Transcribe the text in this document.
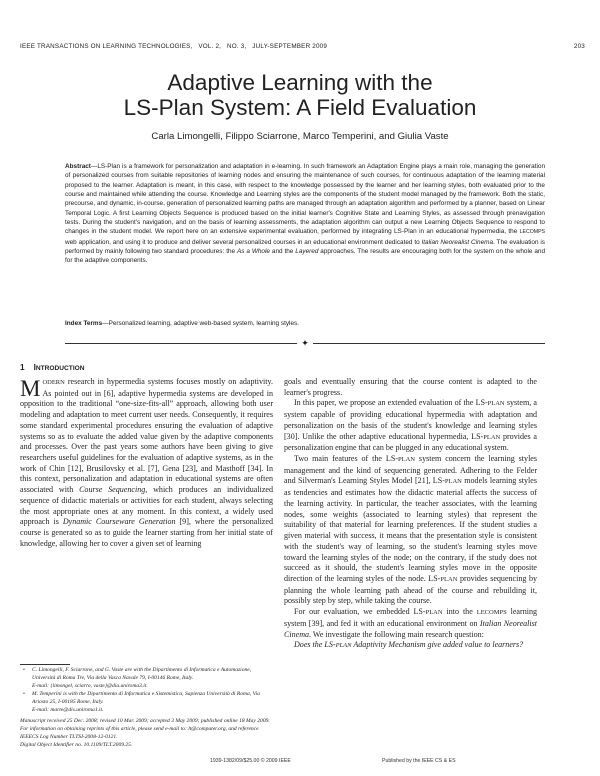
IEEE TRANSACTIONS ON LEARNING TECHNOLOGIES, VOL. 2, NO. 3, JULY-SEPTEMBER 2009	203
Adaptive Learning with the
LS-Plan System: A Field Evaluation
Carla Limongelli, Filippo Sciarrone, Marco Temperini, and Giulia Vaste
Abstract—LS-Plan is a framework for personalization and adaptation in e-learning. In such framework an Adaptation Engine plays a main role, managing the generation of personalized courses from suitable repositories of learning nodes and ensuring the maintenance of such courses, for continuous adaptation of the learning material proposed to the learner. Adaptation is meant, in this case, with respect to the knowledge possessed by the learner and her learning styles, both evaluated prior to the course and maintained while attending the course. Knowledge and Learning styles are the components of the student model managed by the framework. Both the static, precourse, and dynamic, in-course, generation of personalized learning paths are managed through an adaptation algorithm and performed by a planner, based on Linear Temporal Logic. A first Learning Objects Sequence is produced based on the initial learner's Cognitive State and Learning Styles, as assessed through prenavigation tests. During the student's navigation, and on the basis of learning assessments, the adaptation algorithm can output a new Learning Objects Sequence to respond to changes in the student model. We report here on an extensive experimental evaluation, performed by integrating LS-Plan in an educational hypermedia, the LECOMPS web application, and using it to produce and deliver several personalized courses in an educational environment dedicated to Italian Neorealist Cinema. The evaluation is performed by mainly following two standard procedures: the As a Whole and the Layered approaches. The results are encouraging both for the system on the whole and for the adaptive components.
Index Terms—Personalized learning, adaptive web-based system, learning styles.
✦
1 INTRODUCTION

MODERN research in hypermedia systems focuses mostly on adaptivity. As pointed out in [6], adaptive hypermedia systems are developed in opposition to the traditional “one-size-fits-all” approach, allowing both user modeling and adaptation to meet current user needs. Consequently, it requires some standard experimental procedures ensuring the evaluation of adaptive systems so as to evaluate the added value given by the adaptive components and processes. Over the past years some authors have been giving to give researchers useful guidelines for the evaluation of adaptive systems, as in the work of Chin [12], Brusilovsky et al. [7], Gena [23], and Masthoff [34]. In this context, personalization and adaptation in educational systems are often associated with Course Sequencing, which produces an individualized sequence of didactic materials or activities for each student, always selecting the most appropriate ones at any moment. In this context, a widely used approach is Dynamic Courseware Generation [9], where the personalized course is generated so as to guide the learner starting from her initial state of knowledge, allowing her to cover a given set of learning

• C. Limongelli, F. Sciarrone, and G. Vaste are with the Dipartimento di Informatica e Automazione, Università di Roma Tre, Via della Vasca Navale 79, I-00146 Rome, Italy.
E-mail: {limongel, sciarro, vaste}@dia.uniroma3.it.
• M. Temperini is with the Dipartimento di Informatica e Sistemistica, Sapienza Università di Roma, Via Ariosto 25, I-00185 Rome, Italy.
E-mail: marte@dis.uniroma1.it.
Manuscript received 25 Dec. 2008; revised 10 Mar. 2009; accepted 3 May 2009; published online 18 May 2009.
For information on obtaining reprints of this article, please send e-mail to: lt@computer.org, and reference IEEECS Log Number TLTSI-2008-12-0121.
Digital Object Identifier no. 10.1109/TLT.2009.25.

goals and eventually ensuring that the course content is adapted to the learner's progress.

In this paper, we propose an extended evaluation of the LS-PLAN system, a system capable of providing educational hypermedia with adaptation and personalization on the basis of the student's knowledge and learning styles [30]. Unlike the other adaptive educational hypermedia, LS-PLAN provides a personalization engine that can be plugged in any educational system.

Two main features of the LS-PLAN system concern the learning styles management and the kind of sequencing generated. Adhering to the Felder and Silverman's Learning Styles Model [21], LS-PLAN models learning styles as tendencies and estimates how the didactic material affects the success of the learning activity. In particular, the teacher associates, with the learning nodes, some weights (associated to learning styles) that represent the suitability of that material for learning preferences. If the student studies a given material with success, it means that the presentation style is consistent with the student's way of learning, so the student's learning styles move toward the learning styles of the node; on the contrary, if the study does not succeed as it should, the student's learning styles move in the opposite direction of the learning styles of the node. LS-PLAN provides sequencing by planning the whole learning path ahead of the course and rebuilding it, possibly step by step, while taking the course.

For our evaluation, we embedded LS-PLAN into the LECOMPS learning system [39], and fed it with an educational environment on Italian Neorealist Cinema. We investigate the following main research question:

Does the LS-PLAN Adaptivity Mechanism give added value to learners?

1939-1382/09/$25.00 © 2009 IEEE	Published by the IEEE CS & ES
